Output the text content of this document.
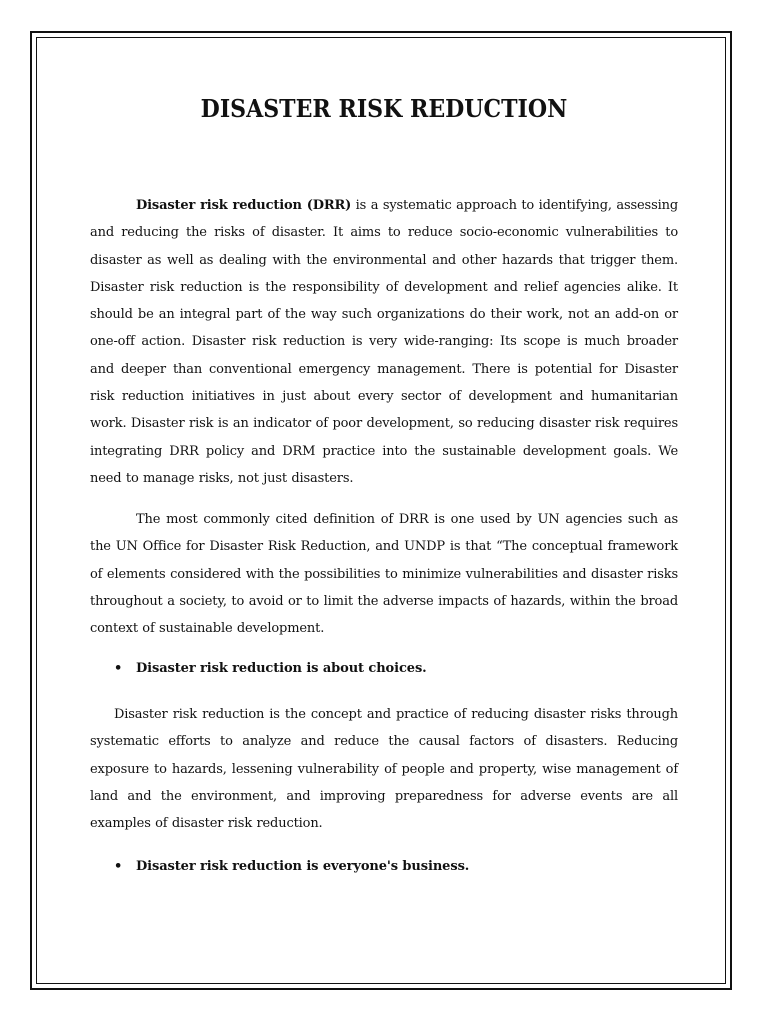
DISASTER RISK REDUCTION

Disaster risk reduction (DRR) is a systematic approach to identifying, assessing and reducing the risks of disaster. It aims to reduce socio-economic vulnerabilities to disaster as well as dealing with the environmental and other hazards that trigger them. Disaster risk reduction is the responsibility of development and relief agencies alike. It should be an integral part of the way such organizations do their work, not an add-on or one-off action. Disaster risk reduction is very wide-ranging: Its scope is much broader and deeper than conventional emergency management. There is potential for Disaster risk reduction initiatives in just about every sector of development and humanitarian work. Disaster risk is an indicator of poor development, so reducing disaster risk requires integrating DRR policy and DRM practice into the sustainable development goals. We need to manage risks, not just disasters.

The most commonly cited definition of DRR is one used by UN agencies such as the UN Office for Disaster Risk Reduction, and UNDP is that “The conceptual framework of elements considered with the possibilities to minimize vulnerabilities and disaster risks throughout a society, to avoid or to limit the adverse impacts of hazards, within the broad context of sustainable development.

• Disaster risk reduction is about choices.

Disaster risk reduction is the concept and practice of reducing disaster risks through systematic efforts to analyze and reduce the causal factors of disasters. Reducing exposure to hazards, lessening vulnerability of people and property, wise management of land and the environment, and improving preparedness for adverse events are all examples of disaster risk reduction.

• Disaster risk reduction is everyone's business.
